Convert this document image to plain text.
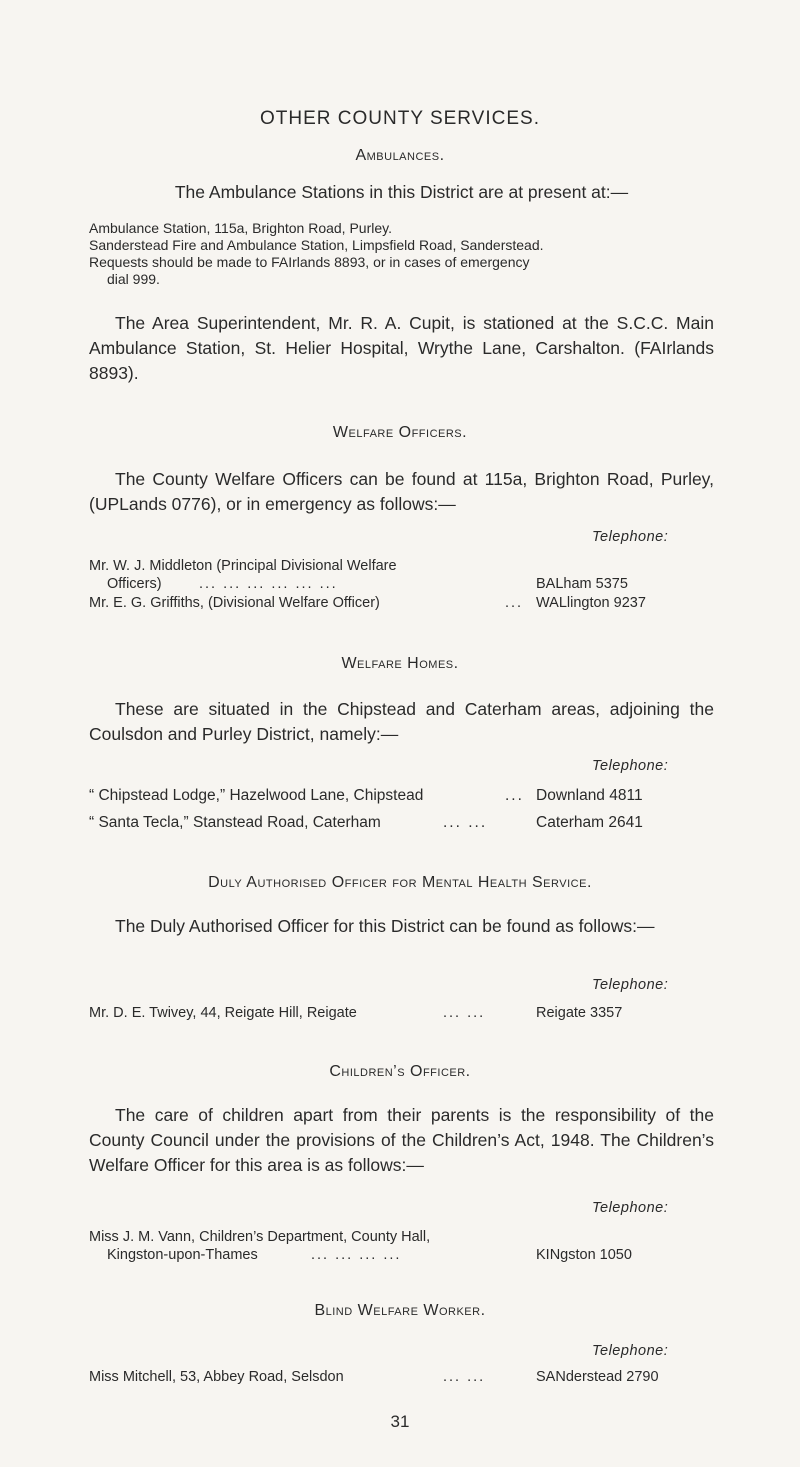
OTHER COUNTY SERVICES.
Ambulances.
The Ambulance Stations in this District are at present at:—
Ambulance Station, 115a, Brighton Road, Purley.
Sanderstead Fire and Ambulance Station, Limpsfield Road, Sanderstead.
Requests should be made to FAIrlands 8893, or in cases of emergency
dial 999.
The Area Superintendent, Mr. R. A. Cupit, is stationed at the S.C.C. Main Ambulance Station, St. Helier Hospital, Wrythe Lane, Carshalton. (FAIrlands 8893).
Welfare Officers.
The County Welfare Officers can be found at 115a, Brighton Road, Purley, (UPLands 0776), or in emergency as follows:—
Telephone:
Mr. W. J. Middleton (Principal Divisional Welfare
Officers)	... ... ... ... ... ...	BALham 5375
Mr. E. G. Griffiths, (Divisional Welfare Officer)	... WALlington 9237
Welfare Homes.
These are situated in the Chipstead and Caterham areas, adjoining the Coulsdon and Purley District, namely:—
Telephone:
“ Chipstead Lodge,” Hazelwood Lane, Chipstead	... Downland 4811
“ Santa Tecla,” Stanstead Road, Caterham	... ...	Caterham 2641
Duly Authorised Officer for Mental Health Service.
The Duly Authorised Officer for this District can be found as follows:—
Telephone:
Mr. D. E. Twivey, 44, Reigate Hill, Reigate	... ...	Reigate 3357
Children’s Officer.
The care of children apart from their parents is the responsibility of the County Council under the provisions of the Children’s Act, 1948. The Children’s Welfare Officer for this area is as follows:—
Telephone:
Miss J. M. Vann, Children’s Department, County Hall,
Kingston-upon-Thames	... ... ... ...	KINgston 1050
Blind Welfare Worker.
Telephone:
Miss Mitchell, 53, Abbey Road, Selsdon	... ...	SANderstead 2790
31
